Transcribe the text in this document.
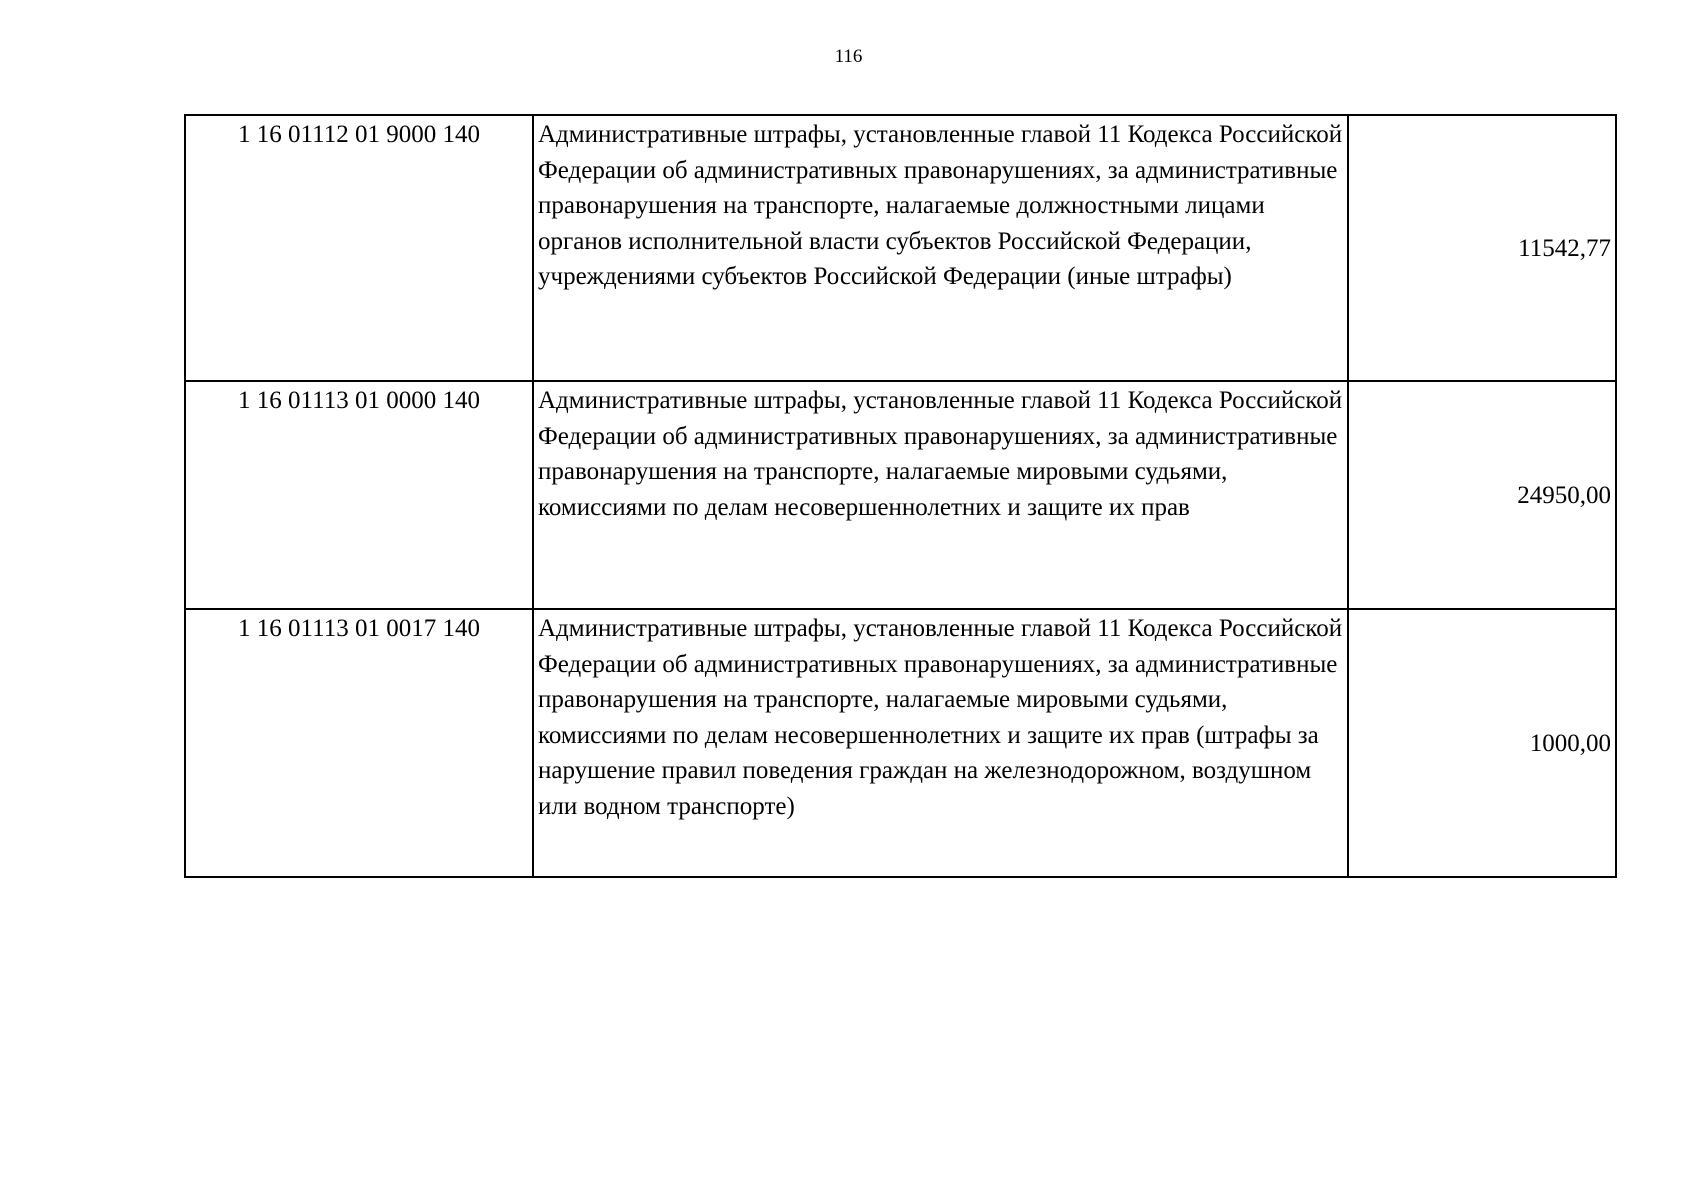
116
1 16 01112 01 9000 140	Административные штрафы, установленные главой 11 Кодекса Российской Федерации об административных правонарушениях, за административные правонарушения на транспорте, налагаемые должностными лицами органов исполнительной власти субъектов Российской Федерации, учреждениями субъектов Российской Федерации (иные штрафы)	11542,77
1 16 01113 01 0000 140	Административные штрафы, установленные главой 11 Кодекса Российской Федерации об административных правонарушениях, за административные правонарушения на транспорте, налагаемые мировыми судьями, комиссиями по делам несовершеннолетних и защите их прав	24950,00
1 16 01113 01 0017 140	Административные штрафы, установленные главой 11 Кодекса Российской Федерации об административных правонарушениях, за административные правонарушения на транспорте, налагаемые мировыми судьями, комиссиями по делам несовершеннолетних и защите их прав (штрафы за нарушение правил поведения граждан на железнодорожном, воздушном или водном транспорте)	1000,00
